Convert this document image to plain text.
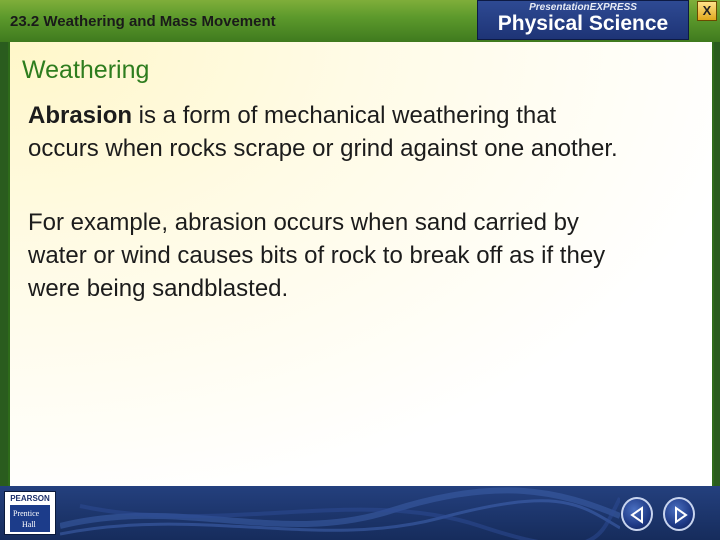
23.2 Weathering and Mass Movement
PresentationEXPRESS
Physical Science
X
Weathering
Abrasion is a form of mechanical weathering that occurs when rocks scrape or grind against one another.
For example, abrasion occurs when sand carried by water or wind causes bits of rock to break off as if they were being sandblasted.
PEARSON
Prentice
Hall
